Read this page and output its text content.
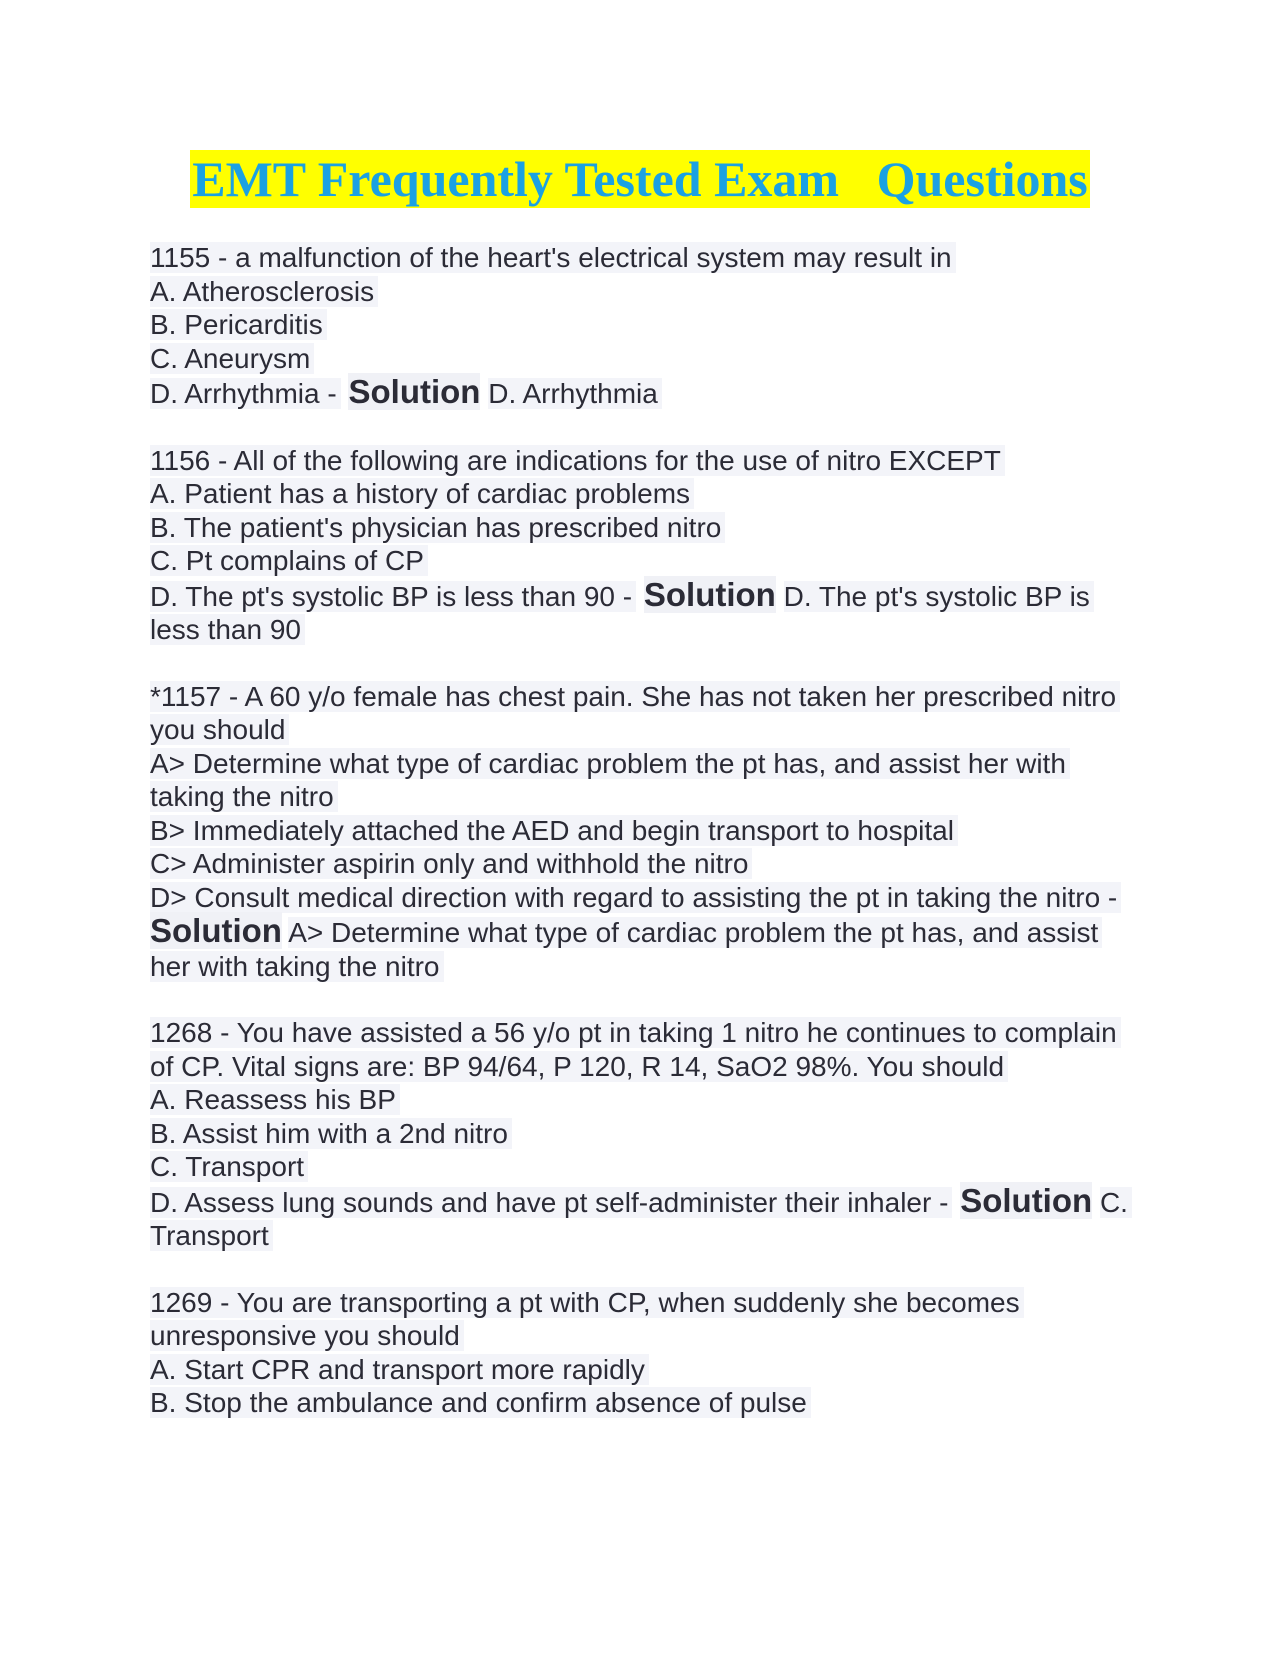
EMT Frequently Tested Exam   Questions
1155 - a malfunction of the heart's electrical system may result in
A. Atherosclerosis
B. Pericarditis
C. Aneurysm
D. Arrhythmia - Solution D. Arrhythmia
1156 - All of the following are indications for the use of nitro EXCEPT
A. Patient has a history of cardiac problems
B. The patient's physician has prescribed nitro
C. Pt complains of CP
D. The pt's systolic BP is less than 90 - Solution D. The pt's systolic BP is less than 90
*1157 - A 60 y/o female has chest pain. She has not taken her prescribed nitro you should
A> Determine what type of cardiac problem the pt has, and assist her with taking the nitro
B> Immediately attached the AED and begin transport to hospital
C> Administer aspirin only and withhold the nitro
D> Consult medical direction with regard to assisting the pt in taking the nitro - Solution A> Determine what type of cardiac problem the pt has, and assist her with taking the nitro
1268 - You have assisted a 56 y/o pt in taking 1 nitro he continues to complain of CP. Vital signs are: BP 94/64, P 120, R 14, SaO2 98%. You should
A. Reassess his BP
B. Assist him with a 2nd nitro
C. Transport
D. Assess lung sounds and have pt self-administer their inhaler - Solution C. Transport
1269 - You are transporting a pt with CP, when suddenly she becomes unresponsive you should
A. Start CPR and transport more rapidly
B. Stop the ambulance and confirm absence of pulse
